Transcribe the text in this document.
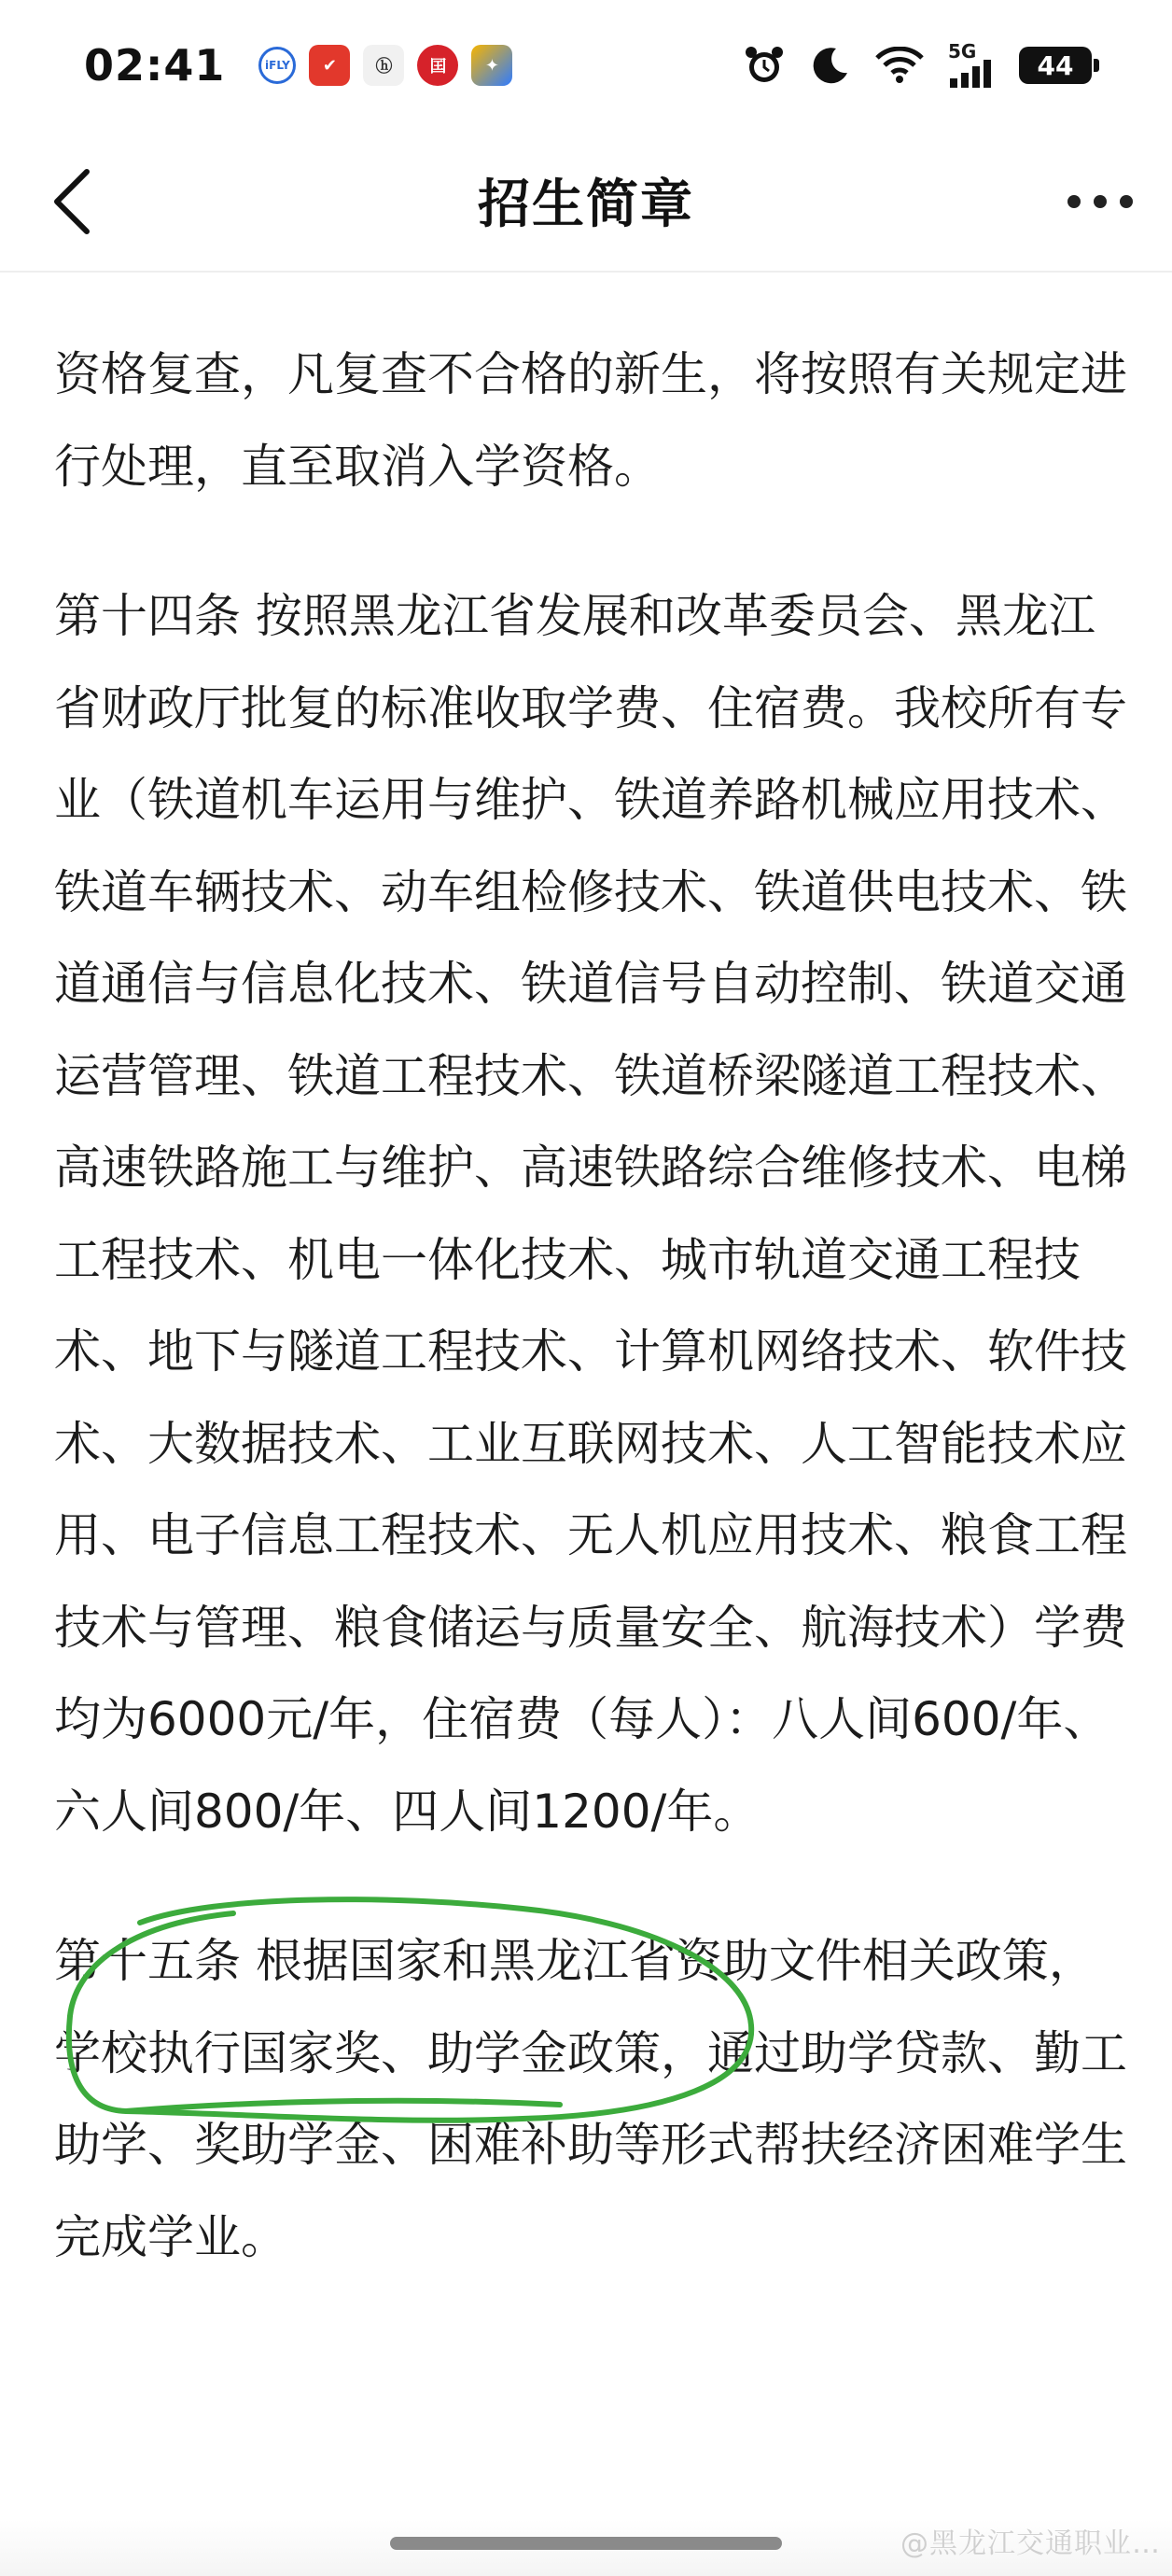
02:41	iFLY	✔	ⓗ	囯	✦
5G	44
招生简章

资格复查，凡复查不合格的新生，将按照有关规定进行处理，直至取消入学资格。

第十四条 按照黑龙江省发展和改革委员会、黑龙江省财政厅批复的标准收取学费、住宿费。我校所有专业（铁道机车运用与维护、铁道养路机械应用技术、铁道车辆技术、动车组检修技术、铁道供电技术、铁道通信与信息化技术、铁道信号自动控制、铁道交通运营管理、铁道工程技术、铁道桥梁隧道工程技术、高速铁路施工与维护、高速铁路综合维修技术、电梯工程技术、机电一体化技术、城市轨道交通工程技术、地下与隧道工程技术、计算机网络技术、软件技术、大数据技术、工业互联网技术、人工智能技术应用、电子信息工程技术、无人机应用技术、粮食工程技术与管理、粮食储运与质量安全、航海技术）学费均为6000元/年，住宿费（每人）：八人间600/年、六人间800/年、四人间1200/年。

第十五条 根据国家和黑龙江省资助文件相关政策，学校执行国家奖、助学金政策，通过助学贷款、勤工助学、奖助学金、困难补助等形式帮扶经济困难学生完成学业。

@黑龙江交通职业…
